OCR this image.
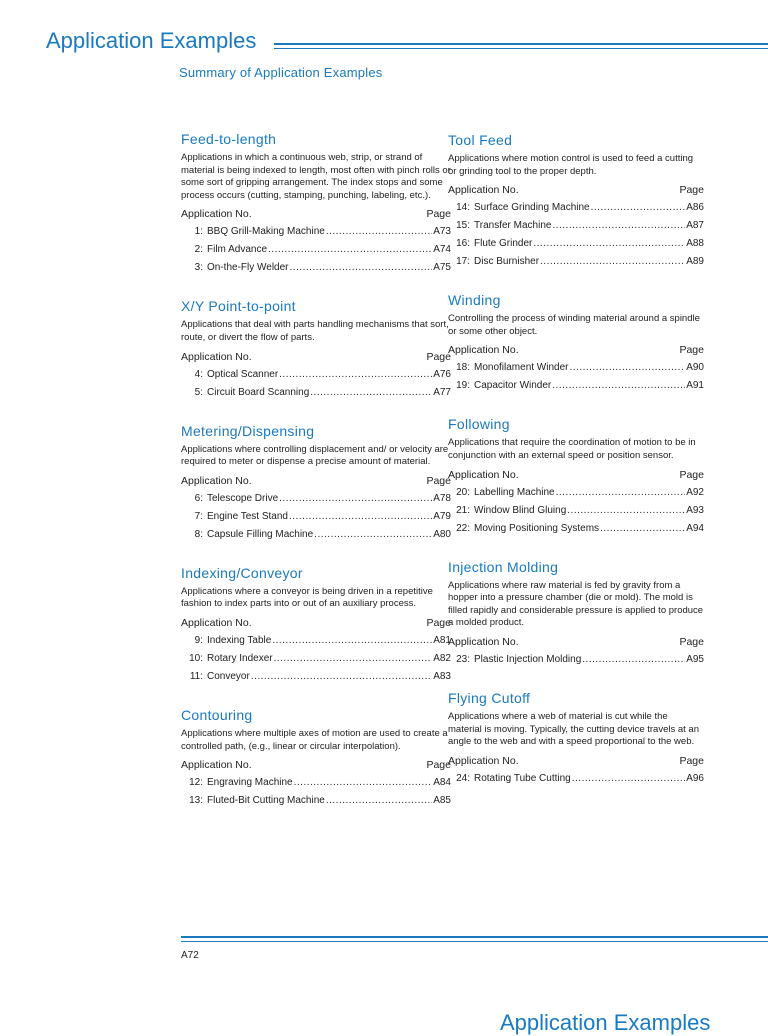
Application Examples
Summary of Application Examples
Feed-to-length
Applications in which a continuous web, strip, or strand of material is being indexed to length, most often with pinch rolls or some sort of gripping arrangement. The index stops and some process occurs (cutting, stamping, punching, labeling, etc.).
Application No.	Page
1: BBQ Grill-Making Machine .....	A73
2: Film Advance .....	A74
3: On-the-Fly Welder .....	A75
X/Y Point-to-point
Applications that deal with parts handling mechanisms that sort, route, or divert the flow of parts.
Application No.	Page
4: Optical Scanner .....	A76
5: Circuit Board Scanning .....	A77
Metering/Dispensing
Applications where controlling displacement and/ or velocity are required to meter or dispense a precise amount of material.
Application No.	Page
6: Telescope Drive .....	A78
7: Engine Test Stand .....	A79
8: Capsule Filling Machine .....	A80
Indexing/Conveyor
Applications where a conveyor is being driven in a repetitive fashion to index parts into or out of an auxiliary process.
Application No.	Page
9: Indexing Table .....	A81
10: Rotary Indexer .....	A82
11: Conveyor .....	A83
Contouring
Applications where multiple axes of motion are used to create a controlled path, (e.g., linear or circular interpolation).
Application No.	Page
12: Engraving Machine .....	A84
13: Fluted-Bit Cutting Machine .....	A85
Tool Feed
Applications where motion control is used to feed a cutting or grinding tool to the proper depth.
Application No.	Page
14: Surface Grinding Machine .....	A86
15: Transfer Machine .....	A87
16: Flute Grinder .....	A88
17: Disc Burnisher .....	A89
Winding
Controlling the process of winding material around a spindle or some other object.
Application No.	Page
18: Monofilament Winder .....	A90
19: Capacitor Winder .....	A91
Following
Applications that require the coordination of motion to be in conjunction with an external speed or position sensor.
Application No.	Page
20: Labelling Machine .....	A92
21: Window Blind Gluing .....	A93
22: Moving Positioning Systems .....	A94
Injection Molding
Applications where raw material is fed by gravity from a hopper into a pressure chamber (die or mold). The mold is filled rapidly and considerable pressure is applied to produce a molded product.
Application No.	Page
23: Plastic Injection Molding .....	A95
Flying Cutoff
Applications where a web of material is cut while the material is moving. Typically, the cutting device travels at an angle to the web and with a speed proportional to the web.
Application No.	Page
24: Rotating Tube Cutting .....	A96
A72
Application Examples
